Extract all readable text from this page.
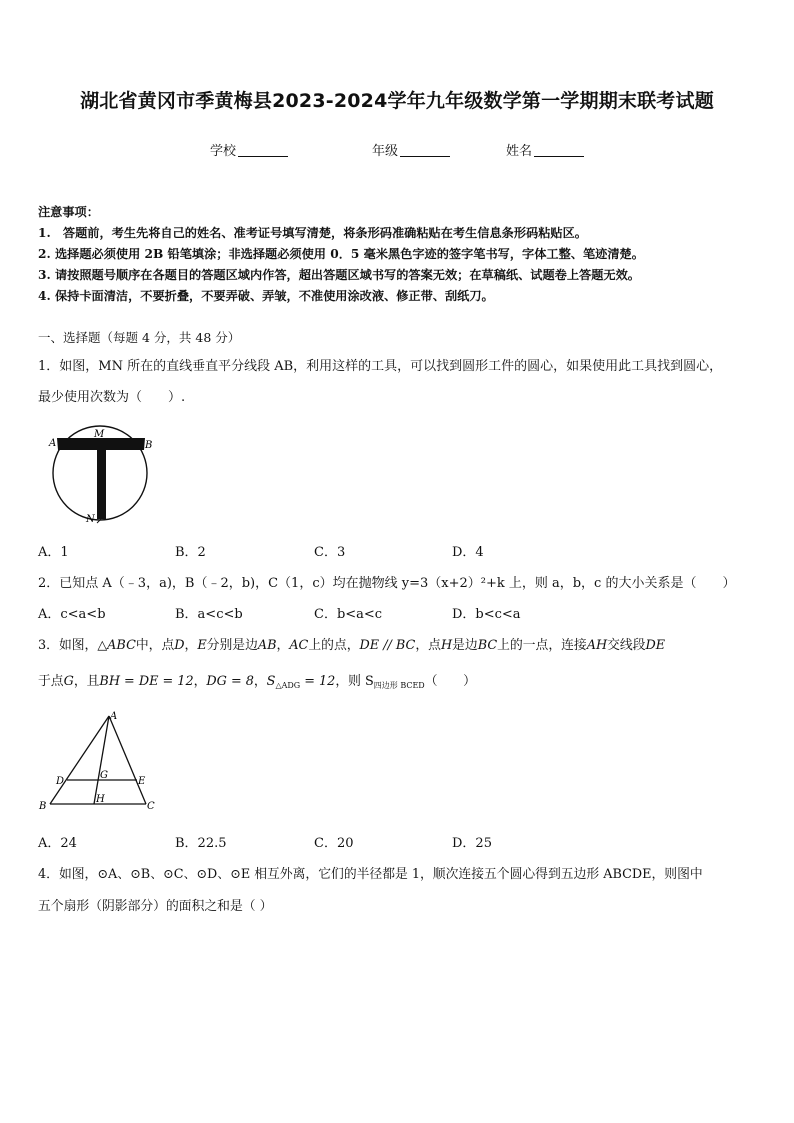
湖北省黄冈市季黄梅县2023-2024学年九年级数学第一学期期末联考试题
学校	年级	姓名
注意事项：
1.　答题前，考生先将自己的姓名、准考证号填写清楚，将条形码准确粘贴在考生信息条形码粘贴区。
2. 选择题必须使用 2B 铅笔填涂；非选择题必须使用 0．5 毫米黑色字迹的签字笔书写，字体工整、笔迹清楚。
3. 请按照题号顺序在各题目的答题区域内作答，超出答题区域书写的答案无效；在草稿纸、试题卷上答题无效。
4. 保持卡面清洁，不要折叠，不要弄破、弄皱，不准使用涂改液、修正带、刮纸刀。
一、选择题（每题 4 分，共 48 分）
1．如图，MN 所在的直线垂直平分线段 AB，利用这样的工具，可以找到圆形工件的圆心，如果使用此工具找到圆心，
最少使用次数为（　　）.
A
M
B
N
A．1	B．2	C．3	D．4
2．已知点 A（﹣3，a)，B（﹣2，b)，C（1，c）均在抛物线 y=3（x+2）²+k 上，则 a，b，c 的大小关系是（　　）
A．c<a<b	B．a<c<b	C．b<a<c	D．b<c<a
3．如图，△ABC中，点D，E分别是边AB，AC上的点，DE // BC，点H是边BC上的一点，连接AH交线段DE
于点G，且BH = DE = 12，DG = 8，$S_{\triangle ADG} = 12$，则 $S_{四边形 BCED}$（　　）
A
D
G
E
B
H
C
A．24	B．22.5	C．20	D．25
4．如图，⊙A、⊙B、⊙C、⊙D、⊙E 相互外离，它们的半径都是 1，顺次连接五个圆心得到五边形 ABCDE，则图中
五个扇形（阴影部分）的面积之和是（ ）
